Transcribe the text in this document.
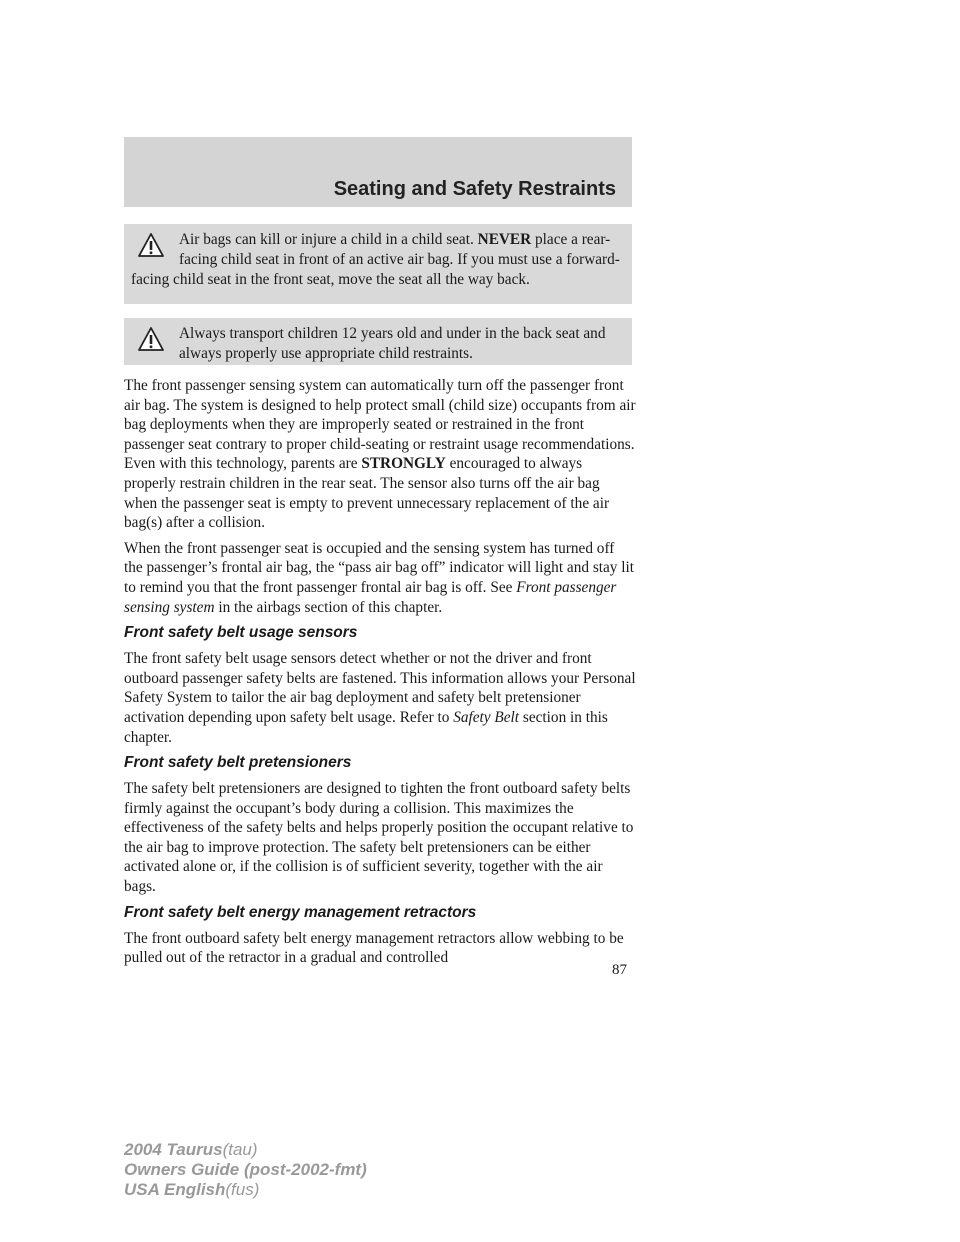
Seating and Safety Restraints

Air bags can kill or injure a child in a child seat. NEVER place a rear-facing child seat in front of an active air bag. If you must use a forward-facing child seat in the front seat, move the seat all the way back.

Always transport children 12 years old and under in the back seat and always properly use appropriate child restraints.

The front passenger sensing system can automatically turn off the passenger front air bag. The system is designed to help protect small (child size) occupants from air bag deployments when they are improperly seated or restrained in the front passenger seat contrary to proper child-seating or restraint usage recommendations. Even with this technology, parents are STRONGLY encouraged to always properly restrain children in the rear seat. The sensor also turns off the air bag when the passenger seat is empty to prevent unnecessary replacement of the air bag(s) after a collision.

When the front passenger seat is occupied and the sensing system has turned off the passenger’s frontal air bag, the “pass air bag off” indicator will light and stay lit to remind you that the front passenger frontal air bag is off. See Front passenger sensing system in the airbags section of this chapter.

Front safety belt usage sensors

The front safety belt usage sensors detect whether or not the driver and front outboard passenger safety belts are fastened. This information allows your Personal Safety System to tailor the air bag deployment and safety belt pretensioner activation depending upon safety belt usage. Refer to Safety Belt section in this chapter.

Front safety belt pretensioners

The safety belt pretensioners are designed to tighten the front outboard safety belts firmly against the occupant’s body during a collision. This maximizes the effectiveness of the safety belts and helps properly position the occupant relative to the air bag to improve protection. The safety belt pretensioners can be either activated alone or, if the collision is of sufficient severity, together with the air bags.

Front safety belt energy management retractors

The front outboard safety belt energy management retractors allow webbing to be pulled out of the retractor in a gradual and controlled

87
2004 Taurus(tau)
Owners Guide (post-2002-fmt)
USA English(fus)
